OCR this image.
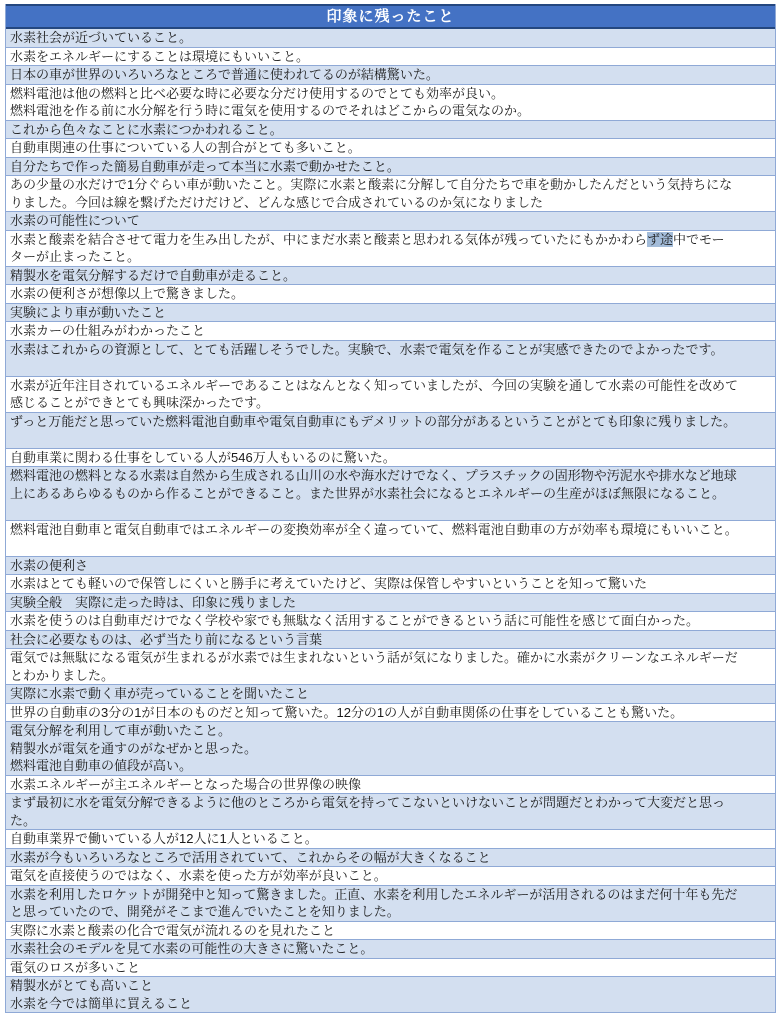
印象に残ったこと
水素社会が近づいていること。
水素をエネルギーにすることは環境にもいいこと。
日本の車が世界のいろいろなところで普通に使われてるのが結構驚いた。
燃料電池は他の燃料と比べ必要な時に必要な分だけ使用するのでとても効率が良い。
燃料電池を作る前に水分解を行う時に電気を使用するのでそれはどこからの電気なのか。
これから色々なことに水素につかわれること。
自動車関連の仕事についている人の割合がとても多いこと。
自分たちで作った簡易自動車が走って本当に水素で動かせたこと。
あの少量の水だけで1分ぐらい車が動いたこと。実際に水素と酸素に分解して自分たちで車を動かしたんだという気持ちにな
りました。今回は線を繋げただけだけど、どんな感じで合成されているのか気になりました
水素の可能性について
水素と酸素を結合させて電力を生み出したが、中にまだ水素と酸素と思われる気体が残っていたにもかかわらず途中でモー
ターが止まったこと。
精製水を電気分解するだけで自動車が走ること。
水素の便利さが想像以上で驚きました。
実験により車が動いたこと
水素カーの仕組みがわかったこと
水素はこれからの資源として、とても活躍しそうでした。実験で、水素で電気を作ることが実感できたのでよかったです。

水素が近年注目されているエネルギーであることはなんとなく知っていましたが、今回の実験を通して水素の可能性を改めて
感じることができとても興味深かったです。
ずっと万能だと思っていた燃料電池自動車や電気自動車にもデメリットの部分があるということがとても印象に残りました。

自動車業に関わる仕事をしている人が546万人もいるのに驚いた。
燃料電池の燃料となる水素は自然から生成される山川の水や海水だけでなく、プラスチックの固形物や汚泥水や排水など地球
上にあるあらゆるものから作ることができること。また世界が水素社会になるとエネルギーの生産がほぼ無限になること。

燃料電池自動車と電気自動車ではエネルギーの変換効率が全く違っていて、燃料電池自動車の方が効率も環境にもいいこと。

水素の便利さ
水素はとても軽いので保管しにくいと勝手に考えていたけど、実際は保管しやすいということを知って驚いた
実験全般　実際に走った時は、印象に残りました
水素を使うのは自動車だけでなく学校や家でも無駄なく活用することができるという話に可能性を感じて面白かった。
社会に必要なものは、必ず当たり前になるという言葉
電気では無駄になる電気が生まれるが水素では生まれないという話が気になりました。確かに水素がクリーンなエネルギーだ
とわかりました。
実際に水素で動く車が売っていることを聞いたこと
世界の自動車の3分の1が日本のものだと知って驚いた。12分の1の人が自動車関係の仕事をしていることも驚いた。
電気分解を利用して車が動いたこと。
精製水が電気を通すのがなぜかと思った。
燃料電池自動車の値段が高い。
水素エネルギーが主エネルギーとなった場合の世界像の映像
まず最初に水を電気分解できるように他のところから電気を持ってこないといけないことが問題だとわかって大変だと思っ
た。
自動車業界で働いている人が12人に1人といること。
水素が今もいろいろなところで活用されていて、これからその幅が大きくなること
電気を直接使うのではなく、水素を使った方が効率が良いこと。
水素を利用したロケットが開発中と知って驚きました。正直、水素を利用したエネルギーが活用されるのはまだ何十年も先だ
と思っていたので、開発がそこまで進んでいたことを知りました。
実際に水素と酸素の化合で電気が流れるのを見れたこと
水素社会のモデルを見て水素の可能性の大きさに驚いたこと。
電気のロスが多いこと
精製水がとても高いこと
水素を今では簡単に買えること
